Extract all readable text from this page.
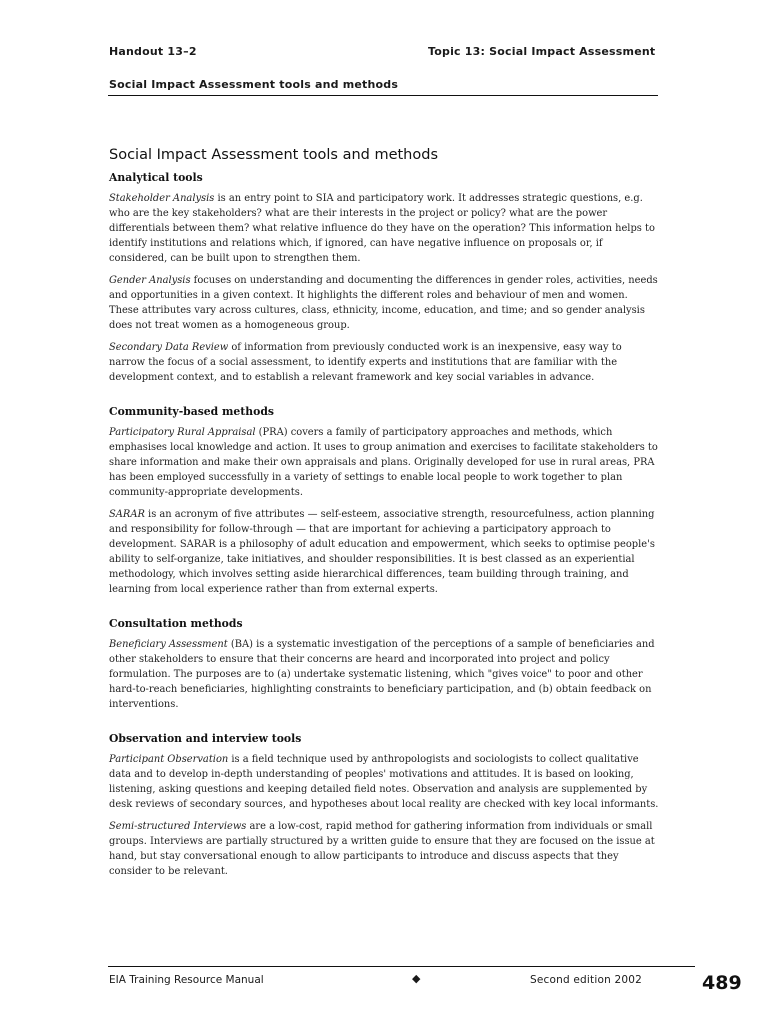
Handout 13–2	Topic 13: Social Impact Assessment
Social Impact Assessment tools and methods
Social Impact Assessment tools and methods
Analytical tools

Stakeholder Analysis is an entry point to SIA and participatory work. It addresses strategic questions, e.g. who are the key stakeholders? what are their interests in the project or policy? what are the power differentials between them? what relative influence do they have on the operation? This information helps to identify institutions and relations which, if ignored, can have negative influence on proposals or, if considered, can be built upon to strengthen them.

Gender Analysis focuses on understanding and documenting the differences in gender roles, activities, needs and opportunities in a given context. It highlights the different roles and behaviour of men and women. These attributes vary across cultures, class, ethnicity, income, education, and time; and so gender analysis does not treat women as a homogeneous group.

Secondary Data Review of information from previously conducted work is an inexpensive, easy way to narrow the focus of a social assessment, to identify experts and institutions that are familiar with the development context, and to establish a relevant framework and key social variables in advance.

Community-based methods

Participatory Rural Appraisal (PRA) covers a family of participatory approaches and methods, which emphasises local knowledge and action. It uses to group animation and exercises to facilitate stakeholders to share information and make their own appraisals and plans. Originally developed for use in rural areas, PRA has been employed successfully in a variety of settings to enable local people to work together to plan community-appropriate developments.

SARAR is an acronym of five attributes — self-esteem, associative strength, resourcefulness, action planning and responsibility for follow-through — that are important for achieving a participatory approach to development. SARAR is a philosophy of adult education and empowerment, which seeks to optimise people's ability to self-organize, take initiatives, and shoulder responsibilities. It is best classed as an experiential methodology, which involves setting aside hierarchical differences, team building through training, and learning from local experience rather than from external experts.

Consultation methods

Beneficiary Assessment (BA) is a systematic investigation of the perceptions of a sample of beneficiaries and other stakeholders to ensure that their concerns are heard and incorporated into project and policy formulation. The purposes are to (a) undertake systematic listening, which "gives voice" to poor and other hard-to-reach beneficiaries, highlighting constraints to beneficiary participation, and (b) obtain feedback on interventions.

Observation and interview tools

Participant Observation is a field technique used by anthropologists and sociologists to collect qualitative data and to develop in-depth understanding of peoples' motivations and attitudes. It is based on looking, listening, asking questions and keeping detailed field notes. Observation and analysis are supplemented by desk reviews of secondary sources, and hypotheses about local reality are checked with key local informants.

Semi-structured Interviews are a low-cost, rapid method for gathering information from individuals or small groups. Interviews are partially structured by a written guide to ensure that they are focused on the issue at hand, but stay conversational enough to allow participants to introduce and discuss aspects that they consider to be relevant.

EIA Training Resource Manual	◆	Second edition 2002	489
